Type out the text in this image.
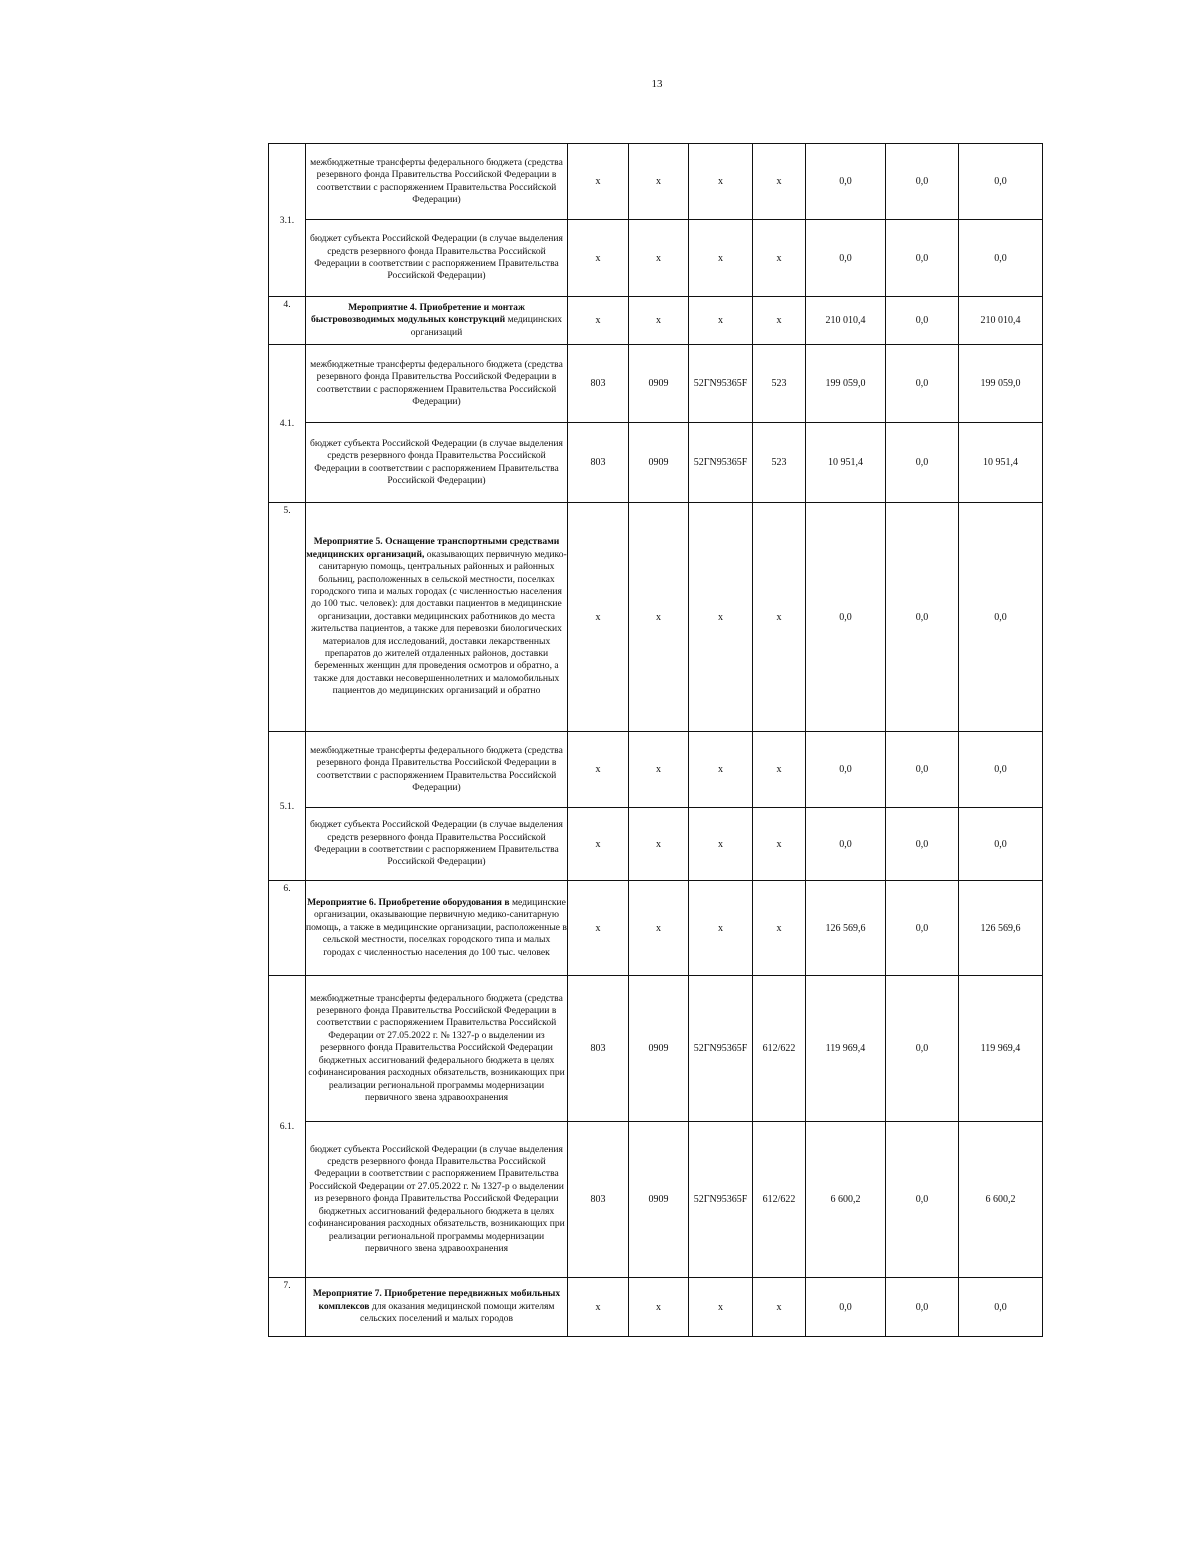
13
3.1.	межбюджетные трансферты федерального бюджета (средства резервного фонда Правительства Российской Федерации в соответствии с распоряжением Правительства Российской Федерации)	x	x	x	x	0,0	0,0	0,0
	бюджет субъекта Российской Федерации (в случае выделения средств резервного фонда Правительства Российской Федерации в соответствии с распоряжением Правительства Российской Федерации)	x	x	x	x	0,0	0,0	0,0
4.	Мероприятие 4. Приобретение и монтаж быстровозводимых модульных конструкций медицинских организаций	x	x	x	x	210 010,4	0,0	210 010,4
4.1.	межбюджетные трансферты федерального бюджета (средства резервного фонда Правительства Российской Федерации в соответствии с распоряжением Правительства Российской Федерации)	803	0909	52ГN95365F	523	199 059,0	0,0	199 059,0
	бюджет субъекта Российской Федерации (в случае выделения средств резервного фонда Правительства Российской Федерации в соответствии с распоряжением Правительства Российской Федерации)	803	0909	52ГN95365F	523	10 951,4	0,0	10 951,4
5.	Мероприятие 5. Оснащение транспортными средствами медицинских организаций, оказывающих первичную медико-санитарную помощь, центральных районных и районных больниц, расположенных в сельской местности, поселках городского типа и малых городах (с численностью населения до 100 тыс. человек): для доставки пациентов в медицинские организации, доставки медицинских работников до места жительства пациентов, а также для перевозки биологических материалов для исследований, доставки лекарственных препаратов до жителей отдаленных районов, доставки беременных женщин для проведения осмотров и обратно, а также для доставки несовершеннолетних и маломобильных пациентов до медицинских организаций и обратно	x	x	x	x	0,0	0,0	0,0
5.1.	межбюджетные трансферты федерального бюджета (средства резервного фонда Правительства Российской Федерации в соответствии с распоряжением Правительства Российской Федерации)	x	x	x	x	0,0	0,0	0,0
	бюджет субъекта Российской Федерации (в случае выделения средств резервного фонда Правительства Российской Федерации в соответствии с распоряжением Правительства Российской Федерации)	x	x	x	x	0,0	0,0	0,0
6.	Мероприятие 6. Приобретение оборудования в медицинские организации, оказывающие первичную медико-санитарную помощь, а также в медицинские организации, расположенные в сельской местности, поселках городского типа и малых городах с численностью населения до 100 тыс. человек	x	x	x	x	126 569,6	0,0	126 569,6
6.1.	межбюджетные трансферты федерального бюджета (средства резервного фонда Правительства Российской Федерации в соответствии с распоряжением Правительства Российской Федерации от 27.05.2022 г. № 1327-р о выделении из резервного фонда Правительства Российской Федерации бюджетных ассигнований федерального бюджета в целях софинансирования расходных обязательств, возникающих при реализации региональной программы модернизации первичного звена здравоохранения	803	0909	52ГN95365F	612/622	119 969,4	0,0	119 969,4
	бюджет субъекта Российской Федерации (в случае выделения средств резервного фонда Правительства Российской Федерации в соответствии с распоряжением Правительства Российской Федерации от 27.05.2022 г. № 1327-р о выделении из резервного фонда Правительства Российской Федерации бюджетных ассигнований федерального бюджета в целях софинансирования расходных обязательств, возникающих при реализации региональной программы модернизации первичного звена здравоохранения	803	0909	52ГN95365F	612/622	6 600,2	0,0	6 600,2
7.	Мероприятие 7. Приобретение передвижных мобильных комплексов для оказания медицинской помощи жителям сельских поселений и малых городов	x	x	x	x	0,0	0,0	0,0
